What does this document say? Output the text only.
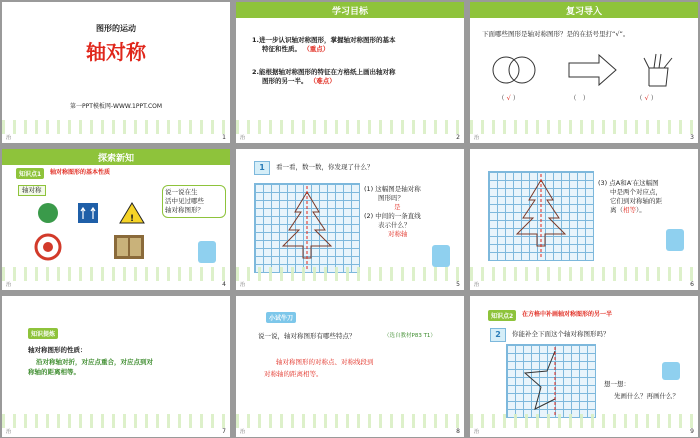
图形的运动
轴对称
第一PPT模板网-WWW.1PPT.COM
治	1
学习目标
1.进一步认识轴对称图形，掌握轴对称图形的基本
特征和性质。 （重点）
2.能根据轴对称图形的特征在方格纸上画出轴对称
图形的另一半。 （难点）
治	2
复习导入
下面哪些图形是轴对称图形？是的在括号里打“√”。
（ √ ）	（   ）	（ √ ）
治	3
探索新知
知识点1	轴对称图形的基本性质
轴对称
!
说一说在生
活中见过哪些
轴对称图形？
治	4
1	看一看，数一数，你发现了什么？
(1) 这幅图是轴对称
图形吗？
是
(2) 中间的一条直线
表示什么？
对称轴
治	5
(3) 点A和A′在这幅图
中是两个对应点，
它们到对称轴的距
离（相等）。
治	6
知识提炼
轴对称图形的性质：
沿对称轴对折，对应点重合，对应点到对
称轴的距离相等。
治	7
小试牛刀
说一说，轴对称图形有哪些特点？	（选自教材P83 T1）
轴对称图形的对称点、对称线段到
对称轴的距离相等。
治	8
知识点2	在方格中补画轴对称图形的另一半
2	你能补全下面这个轴对称图形吗？
想一想：
先画什么？再画什么？
治	9
